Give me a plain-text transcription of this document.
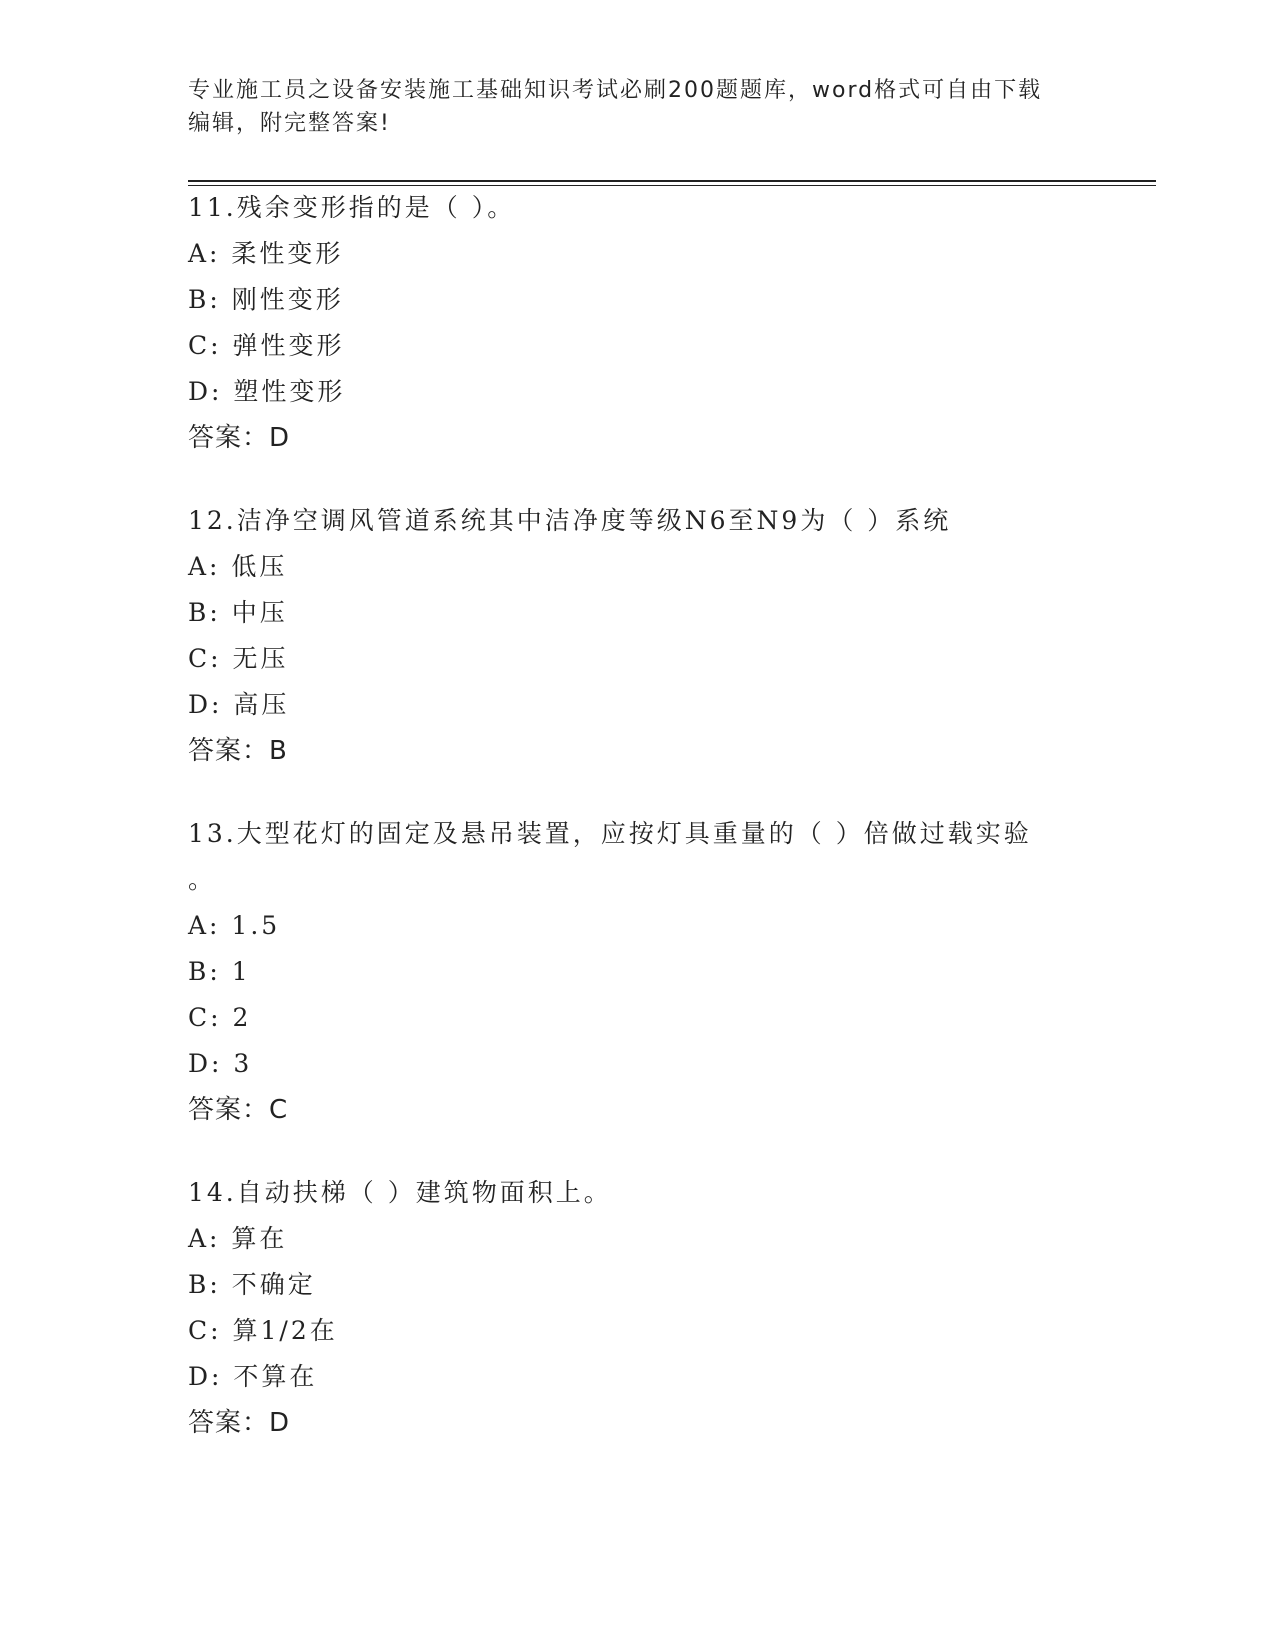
专业施工员之设备安装施工基础知识考试必刷200题题库，word格式可自由下载
编辑，附完整答案!
11.残余变形指的是（ ）。
A: 柔性变形
B: 刚性变形
C: 弹性变形
D: 塑性变形
答案：D
12.洁净空调风管道系统其中洁净度等级N6至N9为（ ）系统
A: 低压
B: 中压
C: 无压
D: 高压
答案：B
13.大型花灯的固定及悬吊装置，应按灯具重量的（ ）倍做过载实验
。
A: 1.5
B: 1
C: 2
D: 3
答案：C
14.自动扶梯（ ）建筑物面积上。
A: 算在
B: 不确定
C: 算1/2在
D: 不算在
答案：D
